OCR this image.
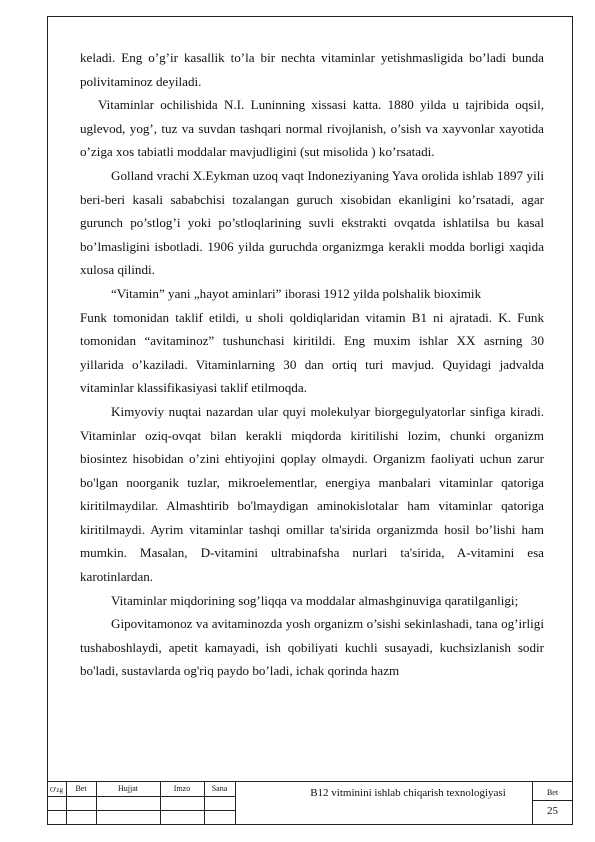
keladi. Eng o’g’ir kasallik to’la bir nechta vitaminlar yetishmasligida bo’ladi bunda polivitaminoz deyiladi.

Vitaminlar ochilishida N.I. Luninning xissasi katta. 1880 yilda u tajribida oqsil, uglevod, yog’, tuz va suvdan tashqari normal rivojlanish, o’sish va xayvonlar xayotida o’ziga xos tabiatli moddalar mavjudligini (sut misolida ) ko’rsatadi.

Golland vrachi X.Eykman uzoq vaqt Indoneziyaning Yava orolida ishlab 1897 yili beri-beri kasali sababchisi tozalangan guruch xisobidan ekanligini ko’rsatadi, agar gurunch po’stlog’i yoki po’stloqlarining suvli ekstrakti ovqatda ishlatilsa bu kasal bo’lmasligini isbotladi. 1906 yilda guruchda organizmga kerakli modda borligi xaqida xulosa qilindi.

“Vitamin” yani „hayot aminlari” iborasi 1912 yilda polshalik bioximik

Funk tomonidan taklif etildi, u sholi qoldiqlaridan vitamin B1 ni ajratadi. K. Funk tomonidan “avitaminoz” tushunchasi kiritildi. Eng muxim ishlar XX asrning 30 yillarida o’kaziladi. Vitaminlarning 30 dan ortiq turi mavjud. Quyidagi jadvalda vitaminlar klassifikasiyasi taklif etilmoqda.

Kimyoviy nuqtai nazardan ular quyi molekulyar biorgegulyatorlar sinfiga kiradi. Vitaminlar oziq-ovqat bilan kerakli miqdorda kiritilishi lozim, chunki organizm biosintez hisobidan o’zini ehtiyojini qoplay olmaydi. Organizm faoliyati uchun zarur bo'lgan noorganik tuzlar, mikroelementlar, energiya manbalari vitaminlar qatoriga kiritilmaydilar. Almashtirib bo'lmaydigan aminokislotalar ham vitaminlar qatoriga kiritilmaydi. Ayrim vitaminlar tashqi omillar ta'sirida organizmda hosil bo’lishi ham mumkin. Masalan, D-vitamini ultrabinafsha nurlari ta'sirida, A-vitamini esa karotinlardan.

Vitaminlar miqdorining sog’liqqa va moddalar almashginuviga qaratilganligi;

Gipovitamonoz va avitaminozda yosh organizm o’sishi sekinlashadi, tana og’irligi tushaboshlaydi, apetit kamayadi, ish qobiliyati kuchli susayadi, kuchsizlanish sodir bo'ladi, sustavlarda og'riq paydo bo’ladi, ichak qorinda hazm

O'zg	Bet	Hujjat	Imzo	Sana	B12 vitminini ishlab chiqarish texnologiyasi	Bet
25
